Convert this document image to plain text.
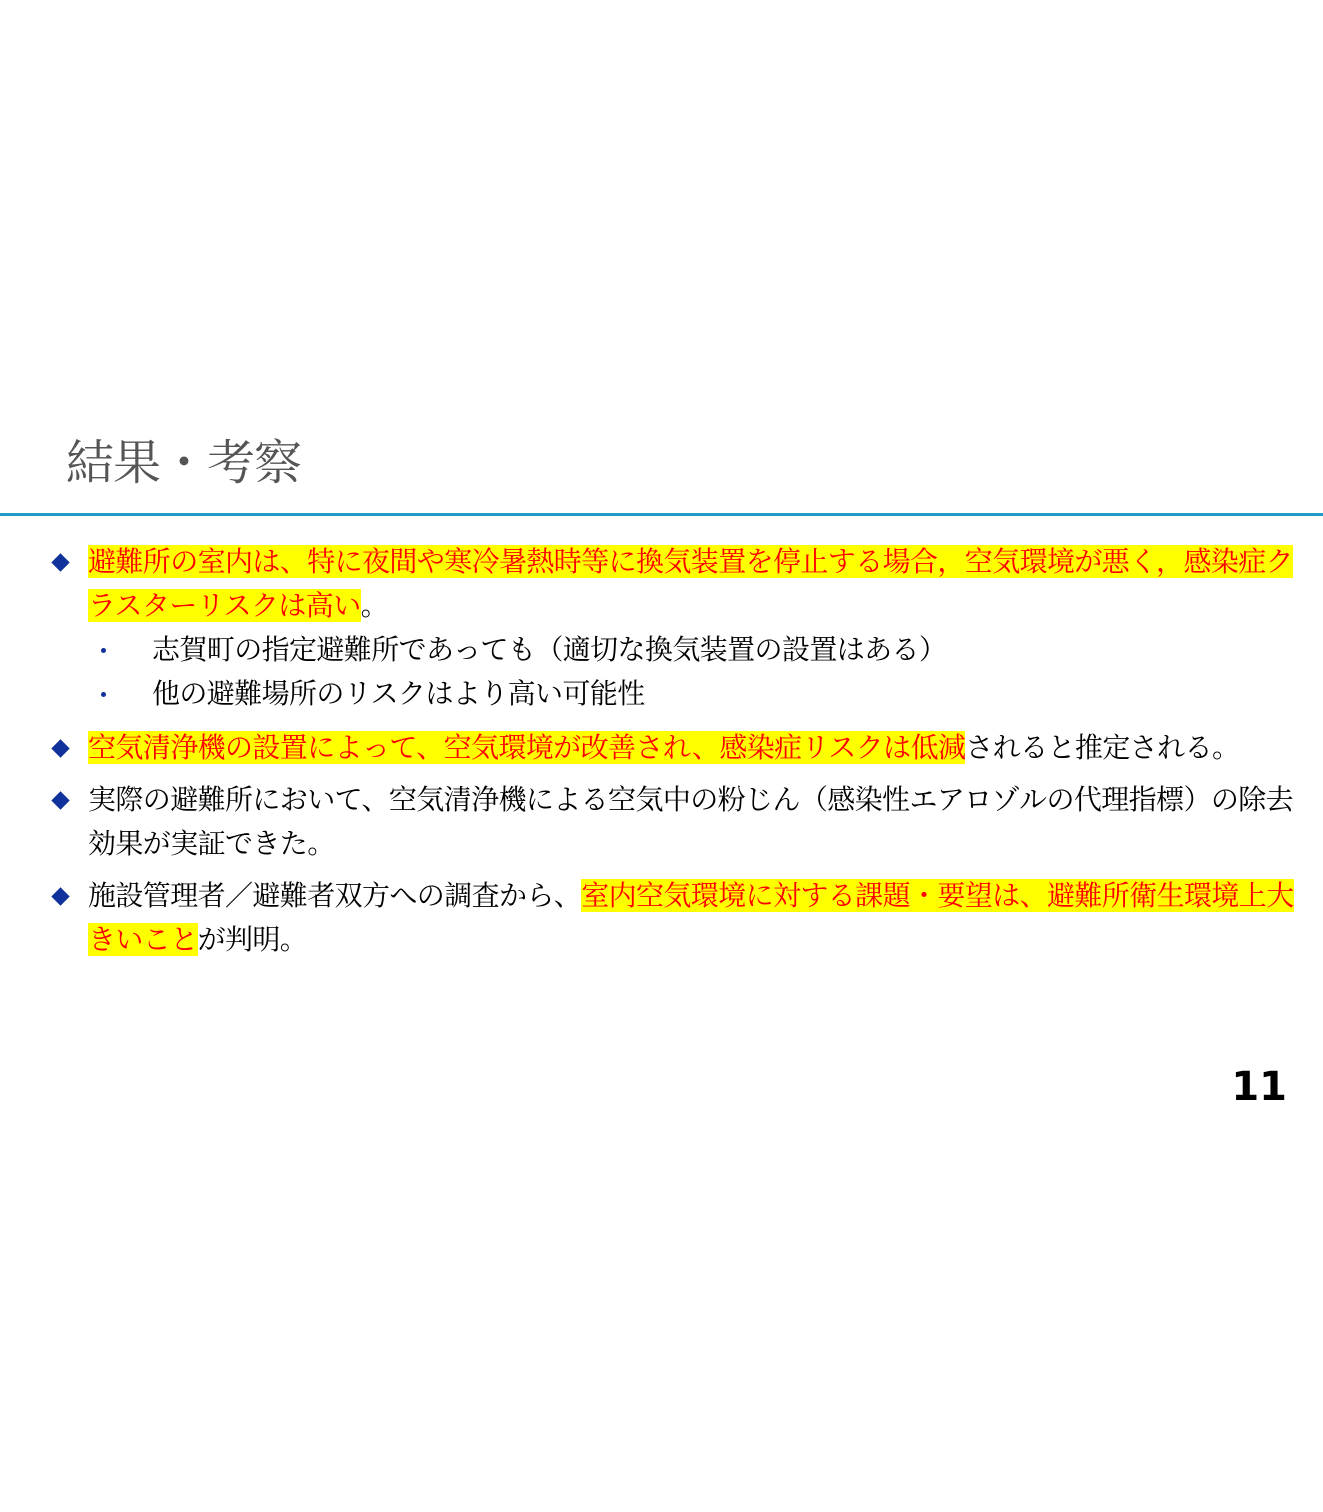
結果・考察
避難所の室内は、特に夜間や寒冷暑熱時等に換気装置を停止する場合，空気環境が悪く，感染症クラスターリスクは高い。
志賀町の指定避難所であっても（適切な換気装置の設置はある）
他の避難場所のリスクはより高い可能性
空気清浄機の設置によって、空気環境が改善され、感染症リスクは低減されると推定される。
実際の避難所において、空気清浄機による空気中の粉じん（感染性エアロゾルの代理指標）の除去効果が実証できた。
施設管理者／避難者双方への調査から、室内空気環境に対する課題・要望は、避難所衛生環境上大きいことが判明。
11
